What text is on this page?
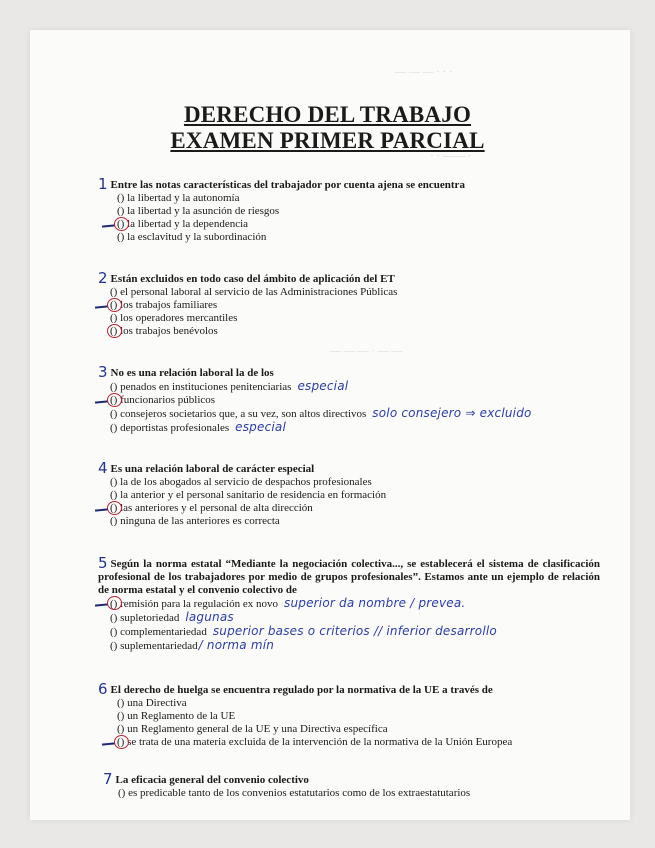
— — — · · ·
· · —— ·
— — — · — —
DERECHO DEL TRABAJO
EXAMEN PRIMER PARCIAL
1 Entre las notas características del trabajador por cuenta ajena se encuentra
() la libertad y la autonomía
() la libertad y la asunción de riesgos
() la libertad y la dependencia
() la esclavitud y la subordinación
2 Están excluidos en todo caso del ámbito de aplicación del ET
() el personal laboral al servicio de las Administraciones Públicas
() los trabajos familiares
() los operadores mercantiles
() los trabajos benévolos
3 No es una relación laboral la de los
() penados en instituciones penitenciarias especial
() funcionarios públicos
() consejeros societarios que, a su vez, son altos directivos solo consejero ⇒ excluido
() deportistas profesionales especial
4 Es una relación laboral de carácter especial
() la de los abogados al servicio de despachos profesionales
() la anterior y el personal sanitario de residencia en formación
() las anteriores y el personal de alta dirección
() ninguna de las anteriores es correcta
5 Según la norma estatal “Mediante la negociación colectiva..., se establecerá el sistema de clasificación profesional de los trabajadores por medio de grupos profesionales”. Estamos ante un ejemplo de relación de norma estatal y el convenio colectivo de
() remisión para la regulación ex novo superior da nombre / prevea.
() supletoriedad lagunas
() complementariedad superior bases o criterios // inferior desarrollo
() suplementariedad/ norma mín
6 El derecho de huelga se encuentra regulado por la normativa de la UE a través de
() una Directiva
() un Reglamento de la UE
() un Reglamento general de la UE y una Directiva específica
() se trata de una materia excluida de la intervención de la normativa de la Unión Europea
7 La eficacia general del convenio colectivo
() es predicable tanto de los convenios estatutarios como de los extraestatutarios
